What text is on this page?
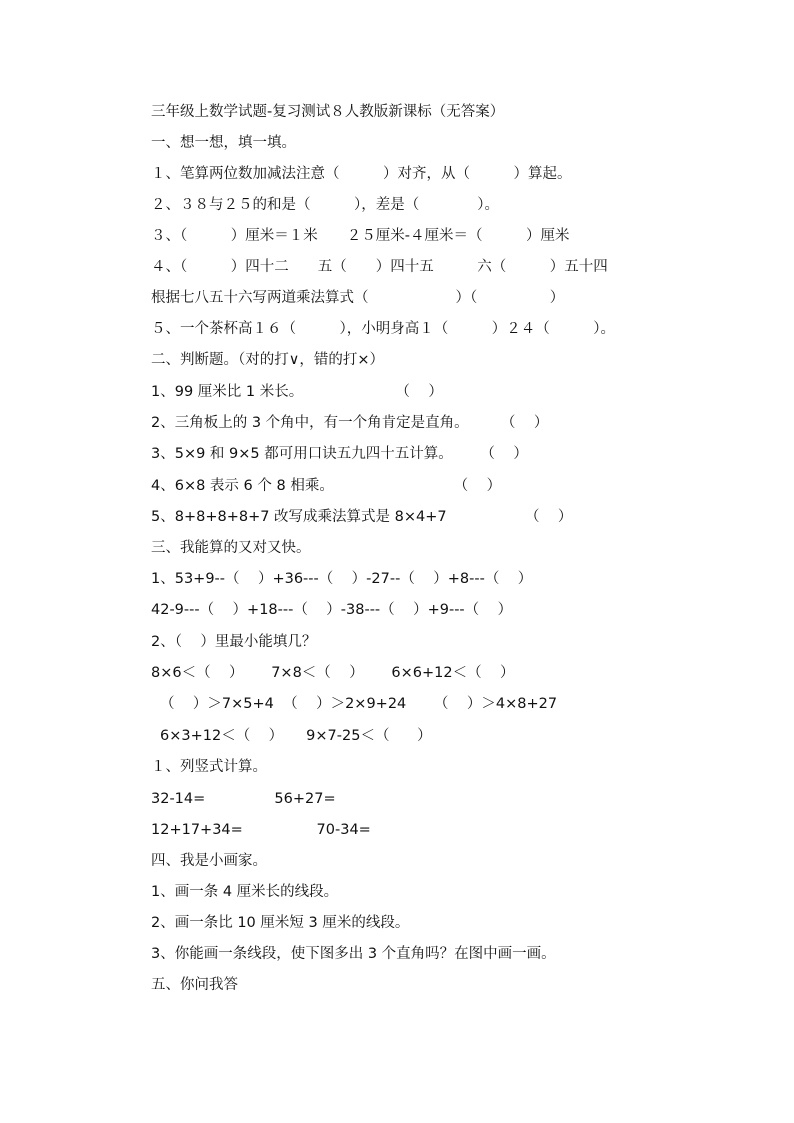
三年级上数学试题-复习测试８人教版新课标（无答案）
一、想一想，填一填。
１、笔算两位数加减法注意（　　　）对齐，从（　　　）算起。
２、３８与２５的和是（　　　），差是（　　　　）。
３、（　　　）厘米＝１米　　２５厘米-４厘米＝（　　　）厘米
４、（　　　）四十二　　五（　　）四十五　　　六（　　　）五十四
根据七八五十六写两道乘法算式（　　　　　　）（　　　　　）
５、一个茶杯高１６（　　　），小明身高１（　　　）２４（　　　）。
二、判断题。（对的打∨，错的打×）
1、99 厘米比 1 米长。                    （    ）
2、三角板上的 3 个角中，有一个角肯定是直角。       （    ）
3、5×9 和 9×5 都可用口诀五九四十五计算。      （    ）
4、6×8 表示 6 个 8 相乘。                          （    ）
5、8+8+8+8+7 改写成乘法算式是 8×4+7                 （    ）
三、我能算的又对又快。
1、53+9--（    ）+36---（    ）-27--（    ）+8---（    ）
42-9---（    ）+18---（    ）-38---（    ）+9---（    ）
2、（    ）里最小能填几？
8×6＜（    ）      7×8＜（    ）      6×6+12＜（    ）
（    ）＞7×5+4  （    ）＞2×9+24      （    ）＞4×8+27
6×3+12＜（    ）     9×7-25＜（      ）
１、列竖式计算。
32-14=               56+27=
12+17+34=                70-34=
四、我是小画家。
1、画一条 4 厘米长的线段。
2、画一条比 10 厘米短 3 厘米的线段。
3、你能画一条线段，使下图多出 3 个直角吗？在图中画一画。
五、你问我答
